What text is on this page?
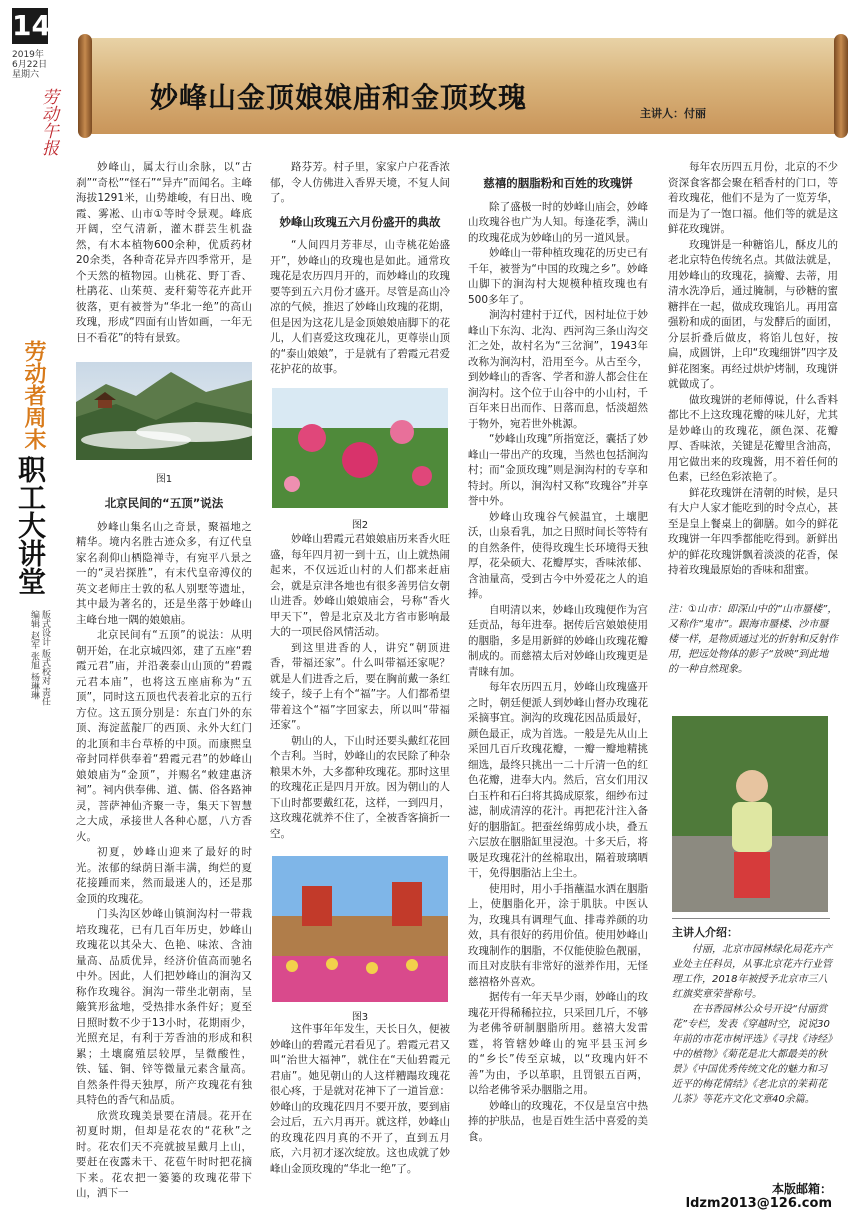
14
2019年
6月22日
星期六
劳动午报
劳动者周末
职工大讲堂
版式设计 版式校对 责任编辑 赵军 张旭 杨琳琳
妙峰山金顶娘娘庙和金顶玫瑰	主讲人：付丽

妙峰山，属太行山余脉，以“古刹”“奇松”“怪石”“异卉”而闻名。主峰海拔1291米，山势雄峻，有日出、晚霞、雾凇、山市①等时令景观。峰底开阔，空气清新，灌木群芸生机盎然，有木本植物600余种，优质药材20余类，各种奇花异卉四季常开，是个天然的植物园。山桃花、野丁香、杜鹃花、山茱萸、麦秆菊等花卉此开彼落，更有被誉为“华北一绝”的高山玫瑰，形成“四面有山皆如画，一年无日不看花”的特有景致。

图1
北京民间的“五顶”说法

妙峰山集名山之奇景，聚福地之精华。境内名胜古迹众多，有辽代皇家名刹仰山栖隐禅寺，有宛平八景之一的“灵岩探胜”，有末代皇帝溥仪的英文老师庄士敦的私人别墅等遗址，其中最为著名的，还是坐落于妙峰山主峰台地一隅的娘娘庙。

北京民间有“五顶”的说法：从明朝开始，在北京城四郊，建了五座“碧霞元君”庙，并沿袭泰山山顶的“碧霞元君本庙”，也将这五座庙称为“五顶”，同时这五顶也代表着北京的五行方位。这五顶分别是：东直门外的东顶、海淀蓝靛厂的西顶、永外大红门的北顶和丰台草桥的中顶。而康熙皇帝封同样供奉着“碧霞元君”的妙峰山娘娘庙为“金顶”，并赐名“敕建惠济祠”。祠内供奉佛、道、儒、俗各路神灵，菩萨神仙齐聚一寺，集天下智慧之大成，承接世人各种心愿，八方香火。

初夏，妙峰山迎来了最好的时光。浓郁的绿荫日渐丰满，绚烂的夏花接踵而来，然而最迷人的，还是那金顶的玫瑰花。

门头沟区妙峰山镇涧沟村一带栽培玫瑰花，已有几百年历史，妙峰山玫瑰花以其朵大、色艳、味浓、含油量高、品质优异，经济价值高而驰名中外。因此，人们把妙峰山的涧沟又称作玫瑰谷。涧沟一带坐北朝南，呈簸箕形盆地，受热排水条件好；夏至日照时数不少于13小时，花期雨少，光照充足，有利于芳香油的形成和积累；土壤腐殖层较厚，呈微酸性，铁、锰、铜、锌等微量元素含量高。自然条件得天独厚，所产玫瑰花有独具特色的香气和品质。

欣赏玫瑰美景要在清晨。花开在初夏时期，但却是花农的“花秋”之时。花农们天不亮就披星戴月上山，要赶在夜露未干、花苞午时时把花摘下来。花农把一篓篓的玫瑰花带下山，洒下一

路芬芳。村子里，家家户户花香浓郁，令人仿佛进入香界天境，不复人间了。

妙峰山玫瑰五六月份盛开的典故

“人间四月芳菲尽，山寺桃花始盛开”，妙峰山的玫瑰也是如此。通常玫瑰花是农历四月开的，而妙峰山的玫瑰要等到五六月份才盛开。尽管是高山冷凉的气候，推迟了妙峰山玫瑰的花期，但是因为这花儿是金顶娘娘庙脚下的花儿，人们喜爱这玫瑰花儿，更尊崇山顶的“泰山娘娘”，于是就有了碧霞元君爱花护花的故事。

图2

妙峰山碧霞元君娘娘庙历来香火旺盛，每年四月初一到十五，山上就热闹起来，不仅远近山村的人们都来赶庙会，就是京津各地也有很多善男信女朝山进香。妙峰山娘娘庙会，号称“香火甲天下”，曾是北京及北方省市影响最大的一项民俗风情活动。

到这里进香的人，讲究“朝顶进香，带福还家”。什么叫带福还家呢？就是人们进香之后，要在胸前戴一条红绫子，绫子上有个“福”字。人们都希望带着这个“福”字回家去，所以叫“带福还家”。

朝山的人，下山时还要头戴红花回个吉利。当时，妙峰山的农民除了种杂粮果木外，大多都种玫瑰花。那时这里的玫瑰花正是四月开放。因为朝山的人下山时都要戴红花，这样，一到四月，这玫瑰花就养不住了，全被香客摘折一空。

图3

这件事年年发生，天长日久，便被妙峰山的碧霞元君看见了。碧霞元君又叫“治世大福神”，就住在“天仙碧霞元君庙”。她见朝山的人这样糟蹋玫瑰花很心疼，于是就对花神下了一道旨意：妙峰山的玫瑰花四月不要开放，要到庙会过后，五六月再开。就这样，妙峰山的玫瑰花四月真的不开了，直到五月底，六月初才逐次绽放。这也成就了妙峰山金顶玫瑰的“华北一绝”了。

慈禧的胭脂粉和百姓的玫瑰饼

除了盛极一时的妙峰山庙会，妙峰山玫瑰谷也广为人知。每逢花季，满山的玫瑰花成为妙峰山的另一道风景。

妙峰山一带种植玫瑰花的历史已有千年，被誉为“中国的玫瑰之乡”。妙峰山脚下的涧沟村大规模种植玫瑰也有500多年了。

涧沟村建村于辽代，因村址位于妙峰山下东沟、北沟、西河沟三条山沟交汇之处，故村名为“三岔涧”，1943年改称为涧沟村，沿用至今。从古至今，到妙峰山的香客、学者和游人都会住在涧沟村。这个位于山谷中的小山村，千百年来日出而作、日落而息，恬淡超然于物外，宛若世外桃源。

“妙峰山玫瑰”所指宽泛，囊括了妙峰山一带出产的玫瑰，当然也包括涧沟村；而“金顶玫瑰”则是涧沟村的专享和特封。所以，涧沟村又称“玫瑰谷”并享誉中外。

妙峰山玫瑰谷气候温宜，土壤肥沃，山泉看乳，加之日照时间长等特有的自然条件，使得玫瑰生长环境得天独厚，花朵硕大、花瓣厚实，香味浓郁、含油量高，受到古今中外爱花之人的追捧。

自明清以来，妙峰山玫瑰便作为宫廷贡品，每年进奉。据传后宫娘娘使用的胭脂，多是用新鲜的妙峰山玫瑰花瓣制成的。而慈禧太后对妙峰山玫瑰更是青睐有加。

每年农历四五月，妙峰山玫瑰盛开之时，朝廷便派人到妙峰山督办玫瑰花采摘事宜。涧沟的玫瑰花因品质最好，颜色最正，成为首选。一般是先从山上采回几百斤玫瑰花瓣，一瓣一瓣地精挑细选，最终只挑出一二十斤清一色的红色花瓣，进奉大内。然后，宫女们用汉白玉杵和石臼将其捣成原浆，细纱布过滤，制成清淳的花汁。再把花汁注入备好的胭脂缸。把蚕丝绵剪成小块，叠五六层放在胭脂缸里浸泡。十多天后，将吸足玫瑰花汁的丝棉取出，隔着玻璃晒干，免得胭脂沾上尘土。

使用时，用小手指蘸温水洒在胭脂上，使胭脂化开，涂于肌肤。中医认为，玫瑰具有调理气血、排毒养颜的功效，具有很好的药用价值。使用妙峰山玫瑰制作的胭脂，不仅能使脸色靓丽，而且对皮肤有非常好的滋养作用，无怪慈禧格外喜欢。

据传有一年天旱少雨，妙峰山的玫瑰花开得稀稀拉拉，只采回几斤，不够为老佛爷研制胭脂所用。慈禧大发雷霆，将管辖妙峰山的宛平县玉河乡的“乡长”传至京城，以“玫瑰内奸不善”为由，予以革职，且罚银五百两，以给老佛爷采办胭脂之用。

妙峰山的玫瑰花，不仅是皇宫中热捧的护肤品，也是百姓生活中喜爱的美食。

每年农历四五月份，北京的不少资深食客都会聚在稻香村的门口，等着玫瑰花，他们不是为了一览芳华，而是为了一饱口福。他们等的就是这鲜花玫瑰饼。

玫瑰饼是一种糖馅儿，酥皮儿的老北京特色传统名点。其做法就是，用妙峰山的玫瑰花，摘瓣、去蒂，用清水洗净后，通过腌制，与砂糖的蜜糖拌在一起，做成玫瑰馅儿。再用富强粉和成的面团，与发酵后的面团，分层折叠后做皮，将馅儿包好，按扁，成圆饼，上印“玫瑰细饼”四字及鲜花图案。再经过烘炉烤制，玫瑰饼就做成了。

做玫瑰饼的老师傅说，什么香料都比不上这玫瑰花瓣的味儿好，尤其是妙峰山的玫瑰花，颜色深、花瓣厚、香味浓，关键是花瓣里含油高，用它做出来的玫瑰酱，用不着任何的色素，已经色彩浓艳了。

鲜花玫瑰饼在清朝的时候，是只有大户人家才能吃到的时令点心，甚至是皇上餐桌上的御膳。如今的鲜花玫瑰饼一年四季都能吃得到。新鲜出炉的鲜花玫瑰饼飘着淡淡的花香，保持着玫瑰最原始的香味和甜蜜。

注：①山市：即深山中的“山市蜃楼”，又称作“鬼市”。跟海市蜃楼、沙市蜃楼一样，是物质通过光的折射和反射作用，把远处物体的影子“放映”到此地的一种自然现象。
主讲人介绍：
付丽，北京市园林绿化局花卉产业处主任科员，从事北京花卉行业管理工作，2018年被授予北京市三八红旗奖章荣誉称号。
在书香园林公众号开设“付丽赏花”专栏，发表《穿越时空，说说30年前的市花市树评选》《寻找《诗经》中的植物》《菊花是北大都最美的秋景》《中国优秀传统文化的魅力和习近平的梅花情结》《老北京的茉莉花儿茶》等花卉文化文章40余篇。
本版邮箱：
ldzm2013@126.com
